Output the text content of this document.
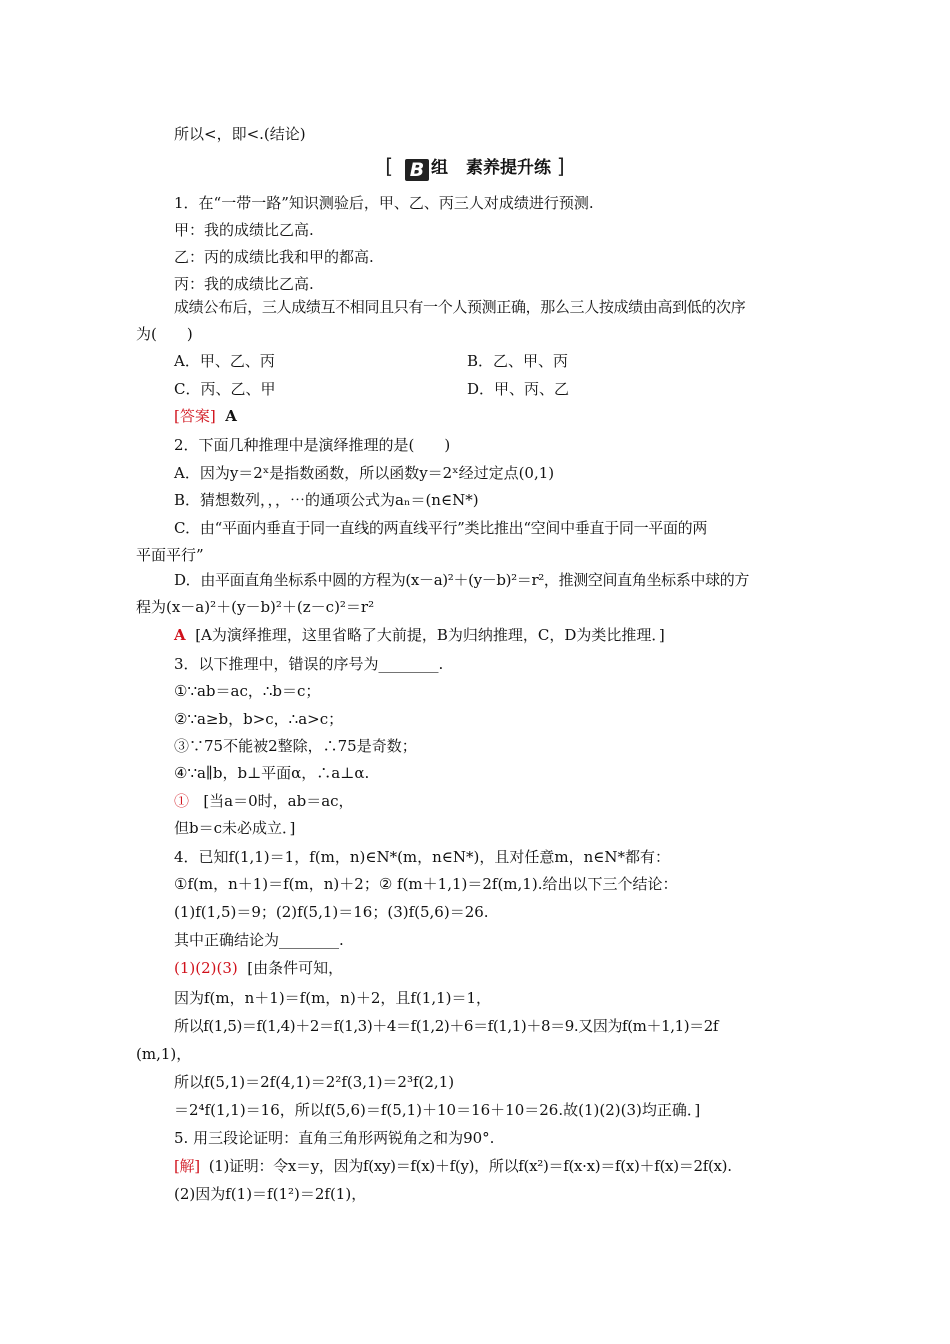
所以<，即<.(结论)
[ B 组 素养提升练 ]
1．在“一带一路”知识测验后，甲、乙、丙三人对成绩进行预测.
甲：我的成绩比乙高.
乙：丙的成绩比我和甲的都高.
丙：我的成绩比乙高.
成绩公布后，三人成绩互不相同且只有一个人预测正确，那么三人按成绩由高到低的次序
为(　　)
A．甲、乙、丙	B．乙、甲、丙
C．丙、乙、甲	D．甲、丙、乙
[答案] A
2．下面几种推理中是演绎推理的是(　　)
A．因为y＝2ˣ是指数函数，所以函数y＝2ˣ经过定点(0,1)
B．猜想数列，，，⋯的通项公式为aₙ＝(n∈N*)
C．由“平面内垂直于同一直线的两直线平行”类比推出“空间中垂直于同一平面的两
平面平行”
D．由平面直角坐标系中圆的方程为(x－a)²＋(y－b)²＝r²，推测空间直角坐标系中球的方
程为(x－a)²＋(y－b)²＋(z－c)²＝r²
A [A为演绎推理，这里省略了大前提，B为归纳推理，C，D为类比推理．]
3．以下推理中，错误的序号为________.
①∵ab＝ac，∴b＝c；
②∵a≥b，b>c，∴a>c；
③∵75不能被2整除，∴75是奇数；
④∵a∥b，b⊥平面α，∴a⊥α.
① [当a＝0时，ab＝ac，
但b＝c未必成立．]
4．已知f(1,1)＝1，f(m，n)∈N*(m，n∈N*)，且对任意m，n∈N*都有：
①f(m，n＋1)＝f(m，n)＋2；② f(m＋1,1)＝2f(m,1).给出以下三个结论：
(1)f(1,5)＝9；(2)f(5,1)＝16；(3)f(5,6)＝26.
其中正确结论为________.
(1)(2)(3) [由条件可知，
因为f(m，n＋1)＝f(m，n)＋2，且f(1,1)＝1，
所以f(1,5)＝f(1,4)＋2＝f(1,3)＋4＝f(1,2)＋6＝f(1,1)＋8＝9.又因为f(m＋1,1)＝2f
(m,1)，
所以f(5,1)＝2f(4,1)＝2²f(3,1)＝2³f(2,1)
＝2⁴f(1,1)＝16，所以f(5,6)＝f(5,1)＋10＝16＋10＝26.故(1)(2)(3)均正确．]
5. 用三段论证明：直角三角形两锐角之和为90°.
[解] (1)证明：令x＝y，因为f(xy)＝f(x)＋f(y)，所以f(x²)＝f(x·x)＝f(x)＋f(x)＝2f(x).
(2)因为f(1)＝f(1²)＝2f(1)，
